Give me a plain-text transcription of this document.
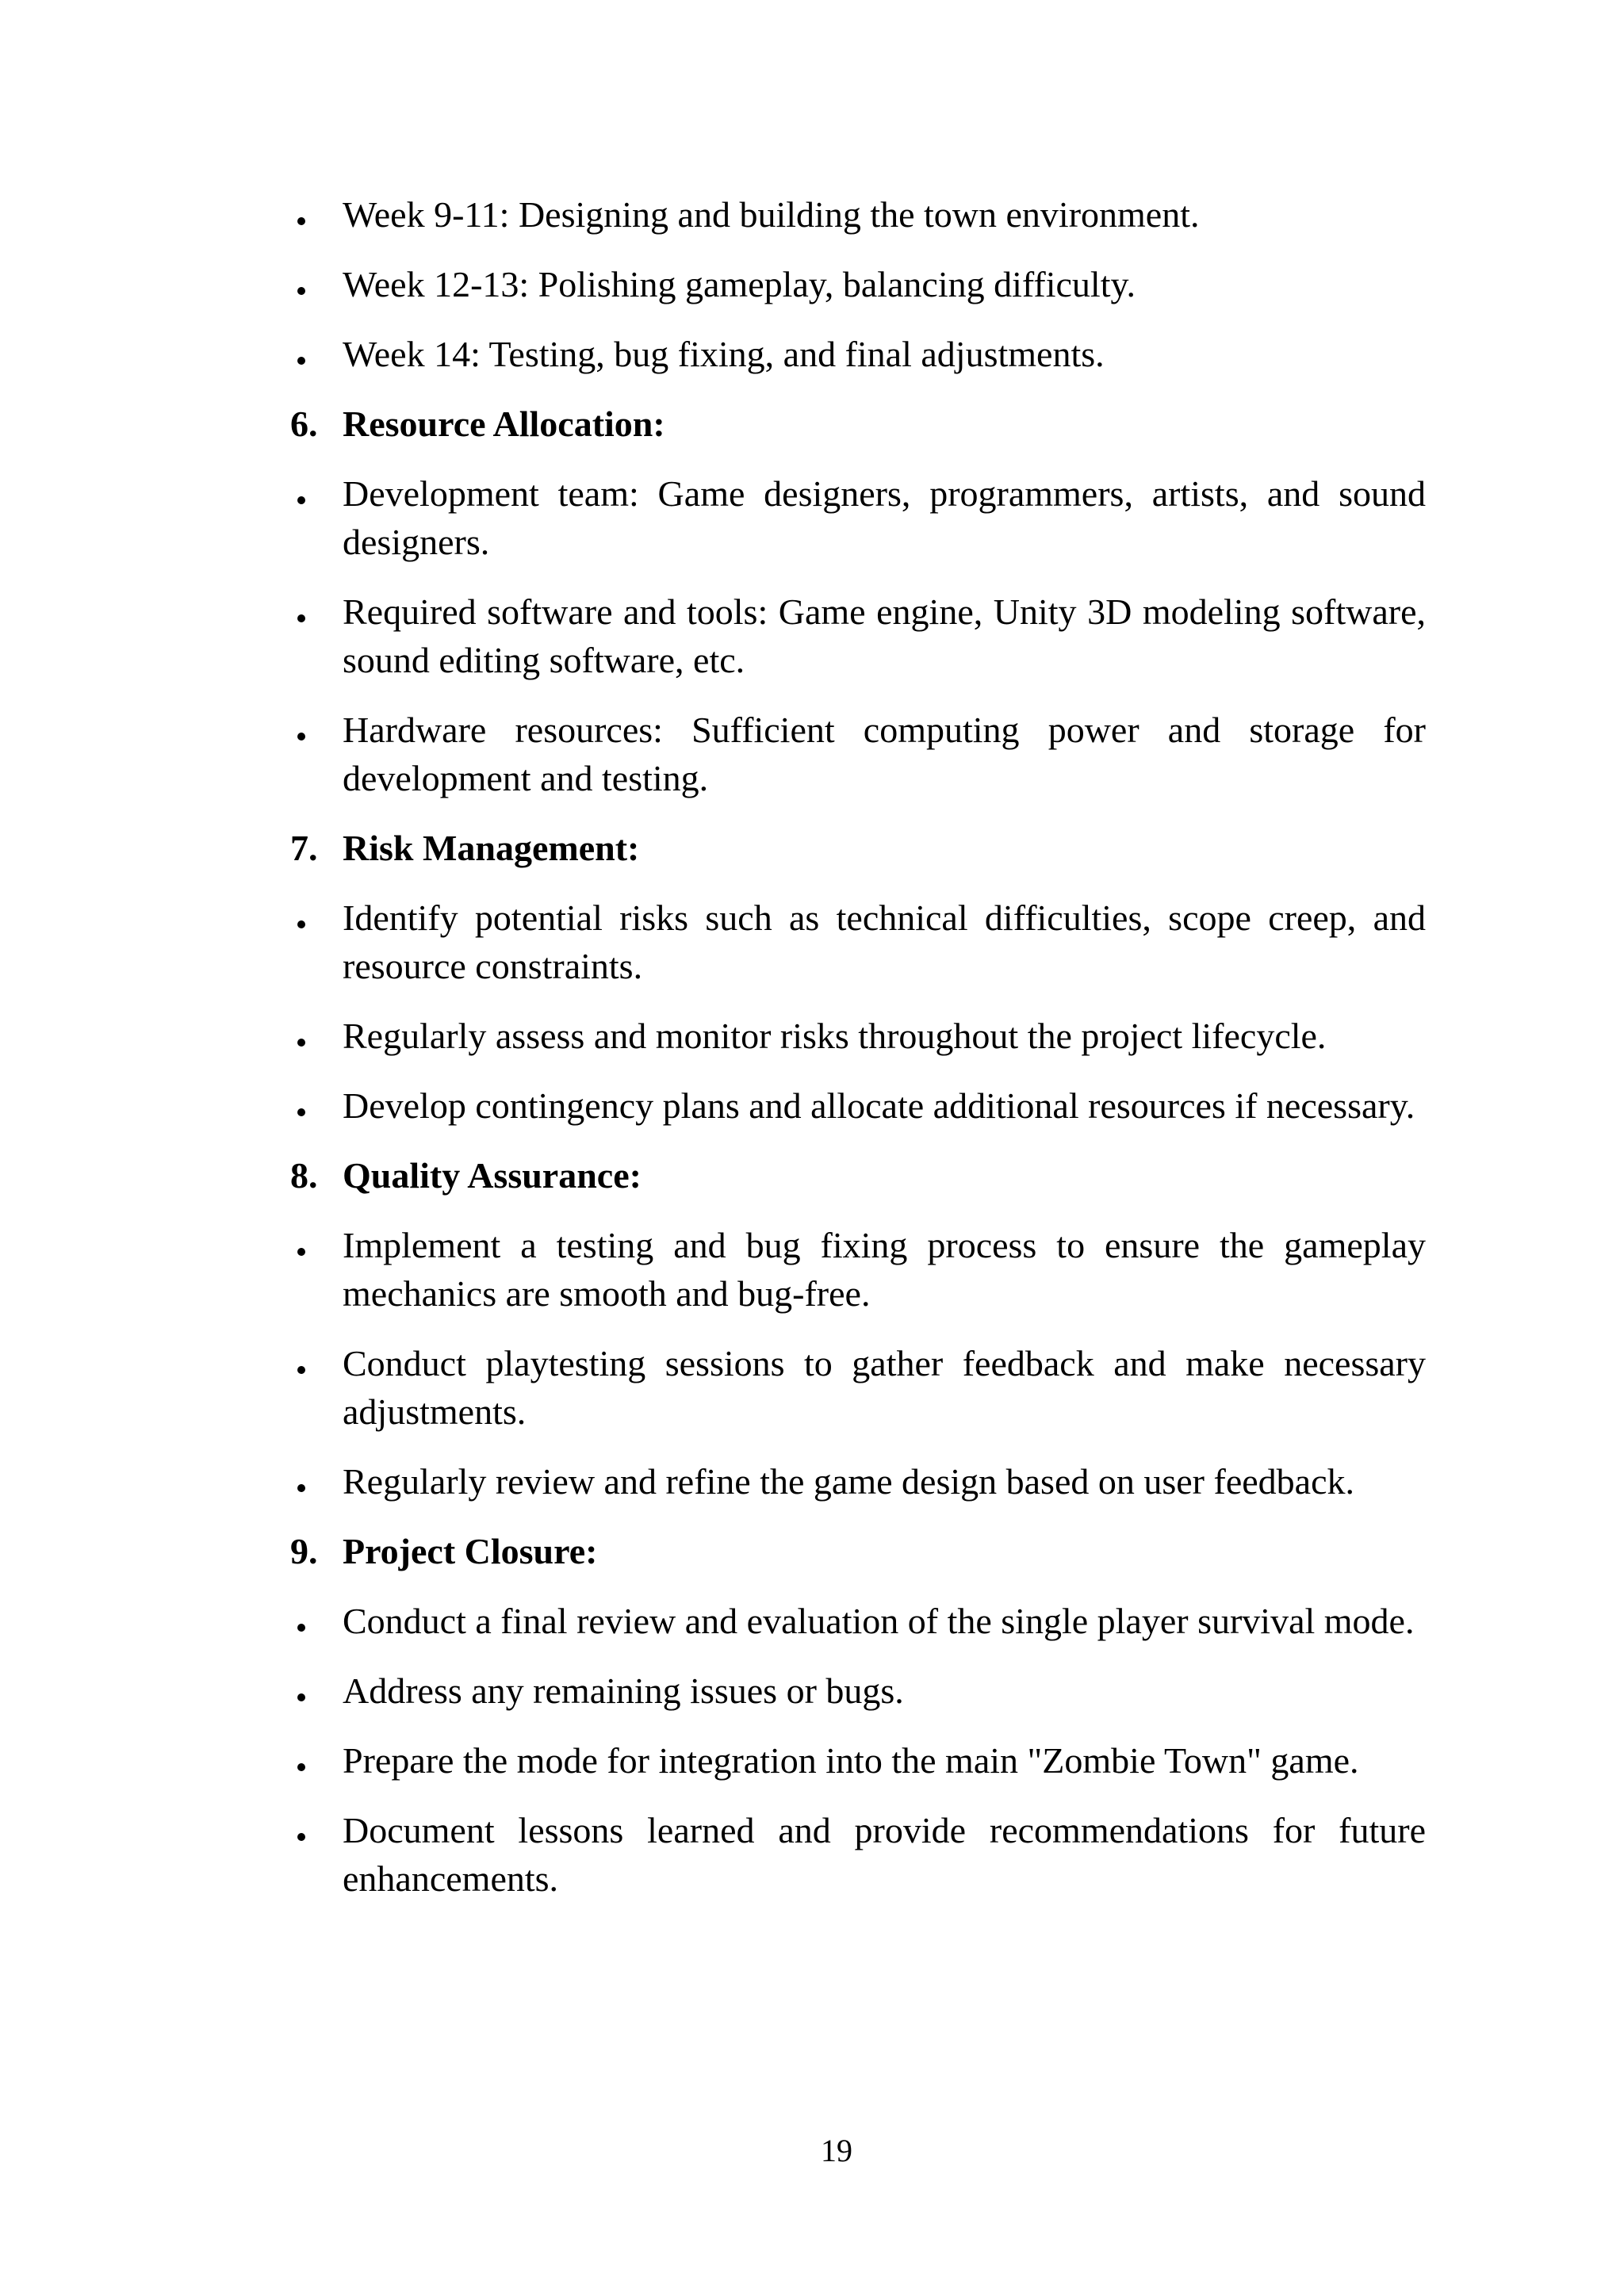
Week 9-11: Designing and building the town environment.
Week 12-13: Polishing gameplay, balancing difficulty.
Week 14: Testing, bug fixing, and final adjustments.
6. Resource Allocation:
Development team: Game designers, programmers, artists, and sound designers.
Required software and tools: Game engine, Unity 3D modeling software, sound editing software, etc.
Hardware resources: Sufficient computing power and storage for development and testing.
7. Risk Management:
Identify potential risks such as technical difficulties, scope creep, and resource constraints.
Regularly assess and monitor risks throughout the project lifecycle.
Develop contingency plans and allocate additional resources if necessary.
8. Quality Assurance:
Implement a testing and bug fixing process to ensure the gameplay mechanics are smooth and bug-free.
Conduct playtesting sessions to gather feedback and make necessary adjustments.
Regularly review and refine the game design based on user feedback.
9. Project Closure:
Conduct a final review and evaluation of the single player survival mode.
Address any remaining issues or bugs.
Prepare the mode for integration into the main "Zombie Town" game.
Document lessons learned and provide recommendations for future enhancements.
19
